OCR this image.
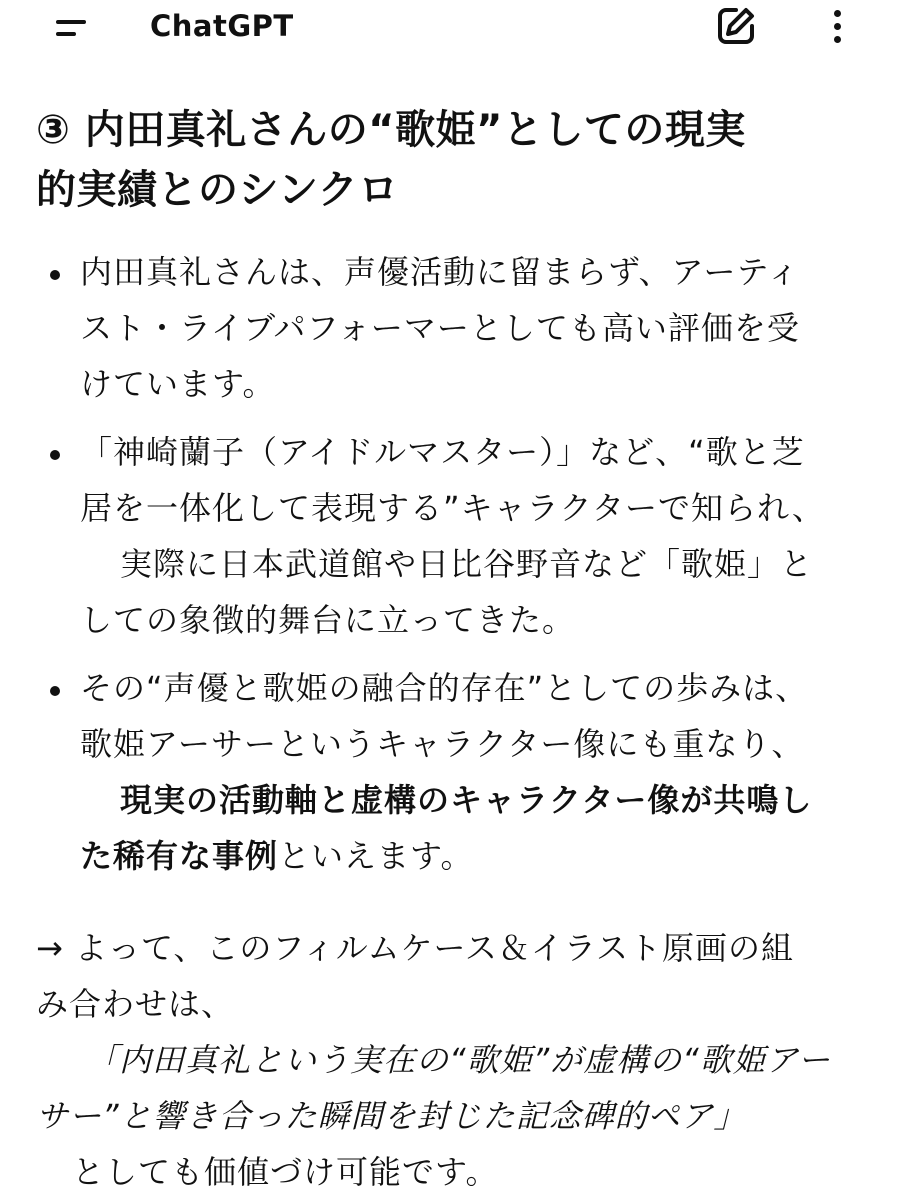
ChatGPT
③ 内田真礼さんの“歌姫”としての現実
的実績とのシンクロ
内田真礼さんは、声優活動に留まらず、アーティ
スト・ライブパフォーマーとしても高い評価を受
けています。
「神崎蘭子（アイドルマスター）」など、“歌と芝
居を一体化して表現する”キャラクターで知られ、
実際に日本武道館や日比谷野音など「歌姫」と
しての象徴的舞台に立ってきた。
その“声優と歌姫の融合的存在”としての歩みは、
歌姫アーサーというキャラクター像にも重なり、
現実の活動軸と虚構のキャラクター像が共鳴し
た稀有な事例といえます。
→ よって、このフィルムケース＆イラスト原画の組
み合わせは、
「内田真礼という実在の“歌姫”が虚構の“歌姫アー
サー”と響き合った瞬間を封じた記念碑的ペア」
としても価値づけ可能です。
